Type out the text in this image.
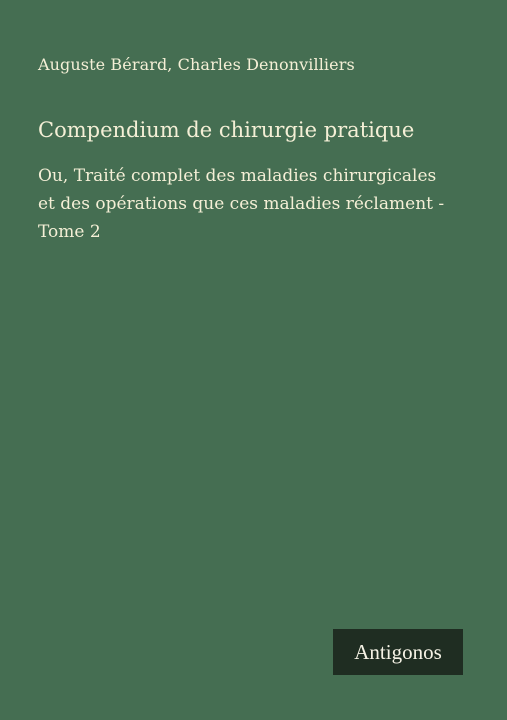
Auguste Bérard, Charles Denonvilliers
Compendium de chirurgie pratique
Ou, Traité complet des maladies chirurgicales
et des opérations que ces maladies réclament -
Tome 2
Antigonos
